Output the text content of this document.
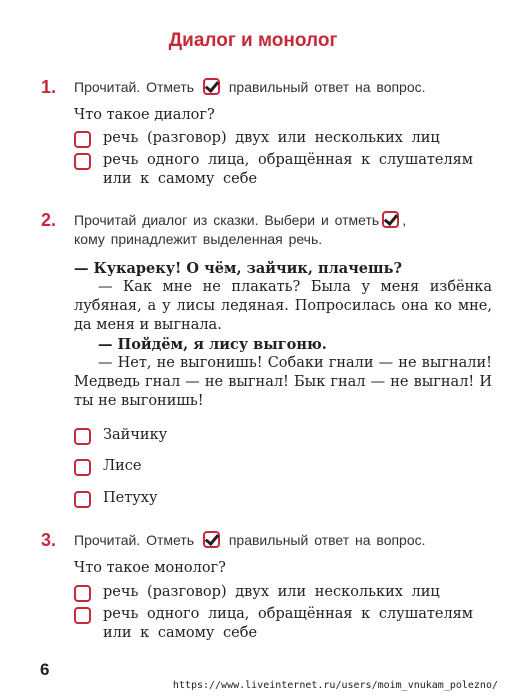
Диалог и монолог
1. Прочитай. Отметь правильный ответ на вопрос.
Что такое диалог?
речь (разговор) двух или нескольких лиц
речь одного лица, обращённая к слушателям или к самому себе
2. Прочитай диалог из сказки. Выбери и отметь ,
кому принадлежит выделенная речь.

— Кукареку! О чём, зайчик, плачешь?

— Как мне не плакать? Была у меня избёнка лубяная, а у лисы ледяная. Попросилась она ко мне, да меня и выгнала.

— Пойдём, я лису выгоню.

— Нет, не выгонишь! Собаки гнали — не выгнали! Медведь гнал — не выгнал! Бык гнал — не выгнал! И ты не выгонишь!

Зайчику
Лисе
Петуху
3. Прочитай. Отметь правильный ответ на вопрос.
Что такое монолог?
речь (разговор) двух или нескольких лиц
речь одного лица, обращённая к слушателям или к самому себе
6
https://www.liveinternet.ru/users/moim_vnukam_polezno/
